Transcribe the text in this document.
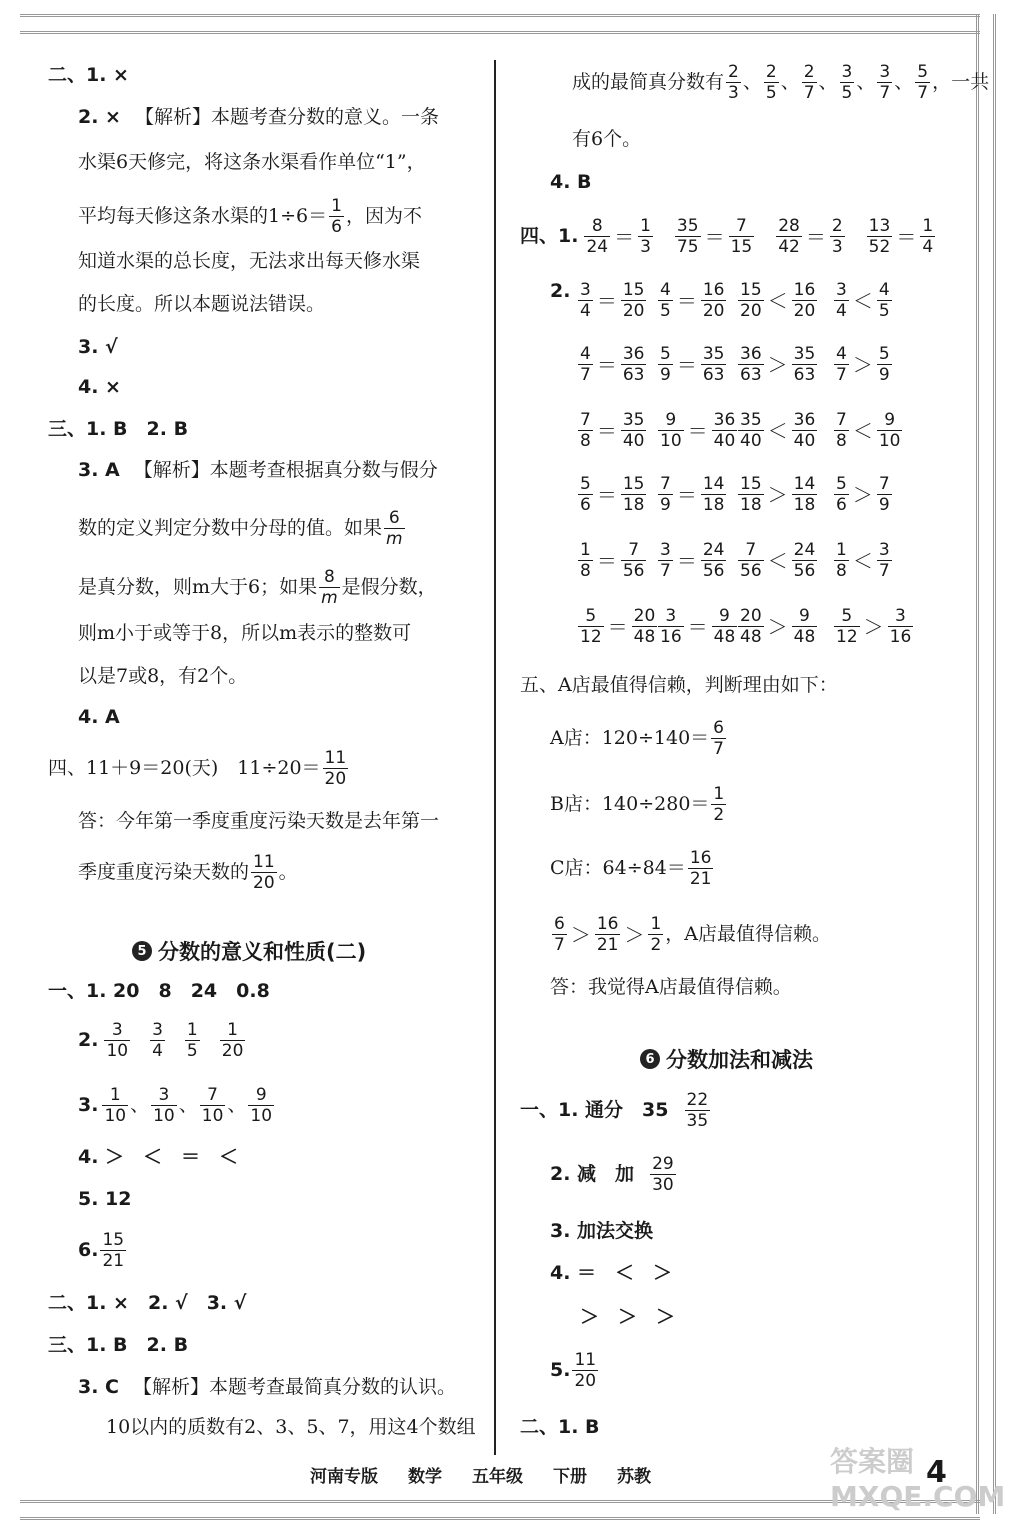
二、1. ×
2. × 【解析】本题考查分数的意义。一条
水渠6天修完，将这条水渠看作单位“1”，
平均每天修这条水渠的$1\div 6= \frac{1}{6}$ ，因为不
知道水渠的总长度，无法求出每天修水渠
的长度。所以本题说法错误。
3. √
4. ×
三、1. B　2. B
3. A 【解析】本题考查根据真分数与假分
数的定义判定分数中分母的值。如果 $\frac{6}{m}$
是真分数，则m大于6；如果 $\frac{8}{m}$ 是假分数，
则m小于或等于8，所以m表示的整数可
以是7或8，有2个。
4. A
四、11＋9＝20(天)　$11\div 20= \frac{11}{20}$
答：今年第一季度重度污染天数是去年第一
季度重度污染天数的 $\frac{11}{20}$ 。
5 分数的意义和性质(二)
一、1. 20　8　24　0.8
2. $\frac{3}{10} \frac{3}{4} \frac{1}{5} \frac{1}{20}$
3. $\frac{1}{10}$ 、 $\frac{3}{10}$ 、 $\frac{7}{10}$ 、 $\frac{9}{10}$
4. ＞　＜　＝　＜
5. 12
6. $\frac{15}{21}$
二、1. ×　2. √　3. √
三、1. B　2. B
3. C 【解析】本题考查最简真分数的认识。
10以内的质数有2、3、5、7，用这4个数组
成的最简真分数有 $\frac{2}{3}$ 、 $\frac{2}{5}$ 、 $\frac{2}{7}$ 、 $\frac{3}{5}$ 、 $\frac{3}{7}$ 、 $\frac{5}{7}$ ，一共
有6个。
4. B
四、1. $\frac{8}{24} = \frac{1}{3} \frac{35}{75} = \frac{7}{15} \frac{28}{42} = \frac{2}{3} \frac{13}{52} = \frac{1}{4}$
2. $\frac{3}{4} = \frac{15}{20} \frac{4}{5} = \frac{16}{20} \frac{15}{20} < \frac{16}{20} \frac{3}{4} < \frac{4}{5}$
$\frac{4}{7} = \frac{36}{63} \frac{5}{9} = \frac{35}{63} \frac{36}{63} > \frac{35}{63} \frac{4}{7} > \frac{5}{9}$
$\frac{7}{8} = \frac{35}{40} \frac{9}{10} = \frac{36}{40} \frac{35}{40} < \frac{36}{40} \frac{7}{8} < \frac{9}{10}$
$\frac{5}{6} = \frac{15}{18} \frac{7}{9} = \frac{14}{18} \frac{15}{18} > \frac{14}{18} \frac{5}{6} > \frac{7}{9}$
$\frac{1}{8} = \frac{7}{56} \frac{3}{7} = \frac{24}{56} \frac{7}{56} < \frac{24}{56} \frac{1}{8} < \frac{3}{7}$
$\frac{5}{12} = \frac{20}{48} \frac{3}{16} = \frac{9}{48} \frac{20}{48} > \frac{9}{48} \frac{5}{12} > \frac{3}{16}$
五、A店最值得信赖，判断理由如下：
A店：$120\div 140= \frac{6}{7}$
B店：$140\div 280= \frac{1}{2}$
C店：$64\div 84= \frac{16}{21}$
$\frac{6}{7} > \frac{16}{21} > \frac{1}{2}$ ，A店最值得信赖。
答：我觉得A店最值得信赖。
6 分数加法和减法
一、1. 通分　$35 \frac{22}{35}$
2. 减　加 $\frac{29}{30}$
3. 加法交换
4. ＝　＜　＞
＞　＞　＞
5. $\frac{11}{20}$
二、1. B
河南专版 数学 五年级 下册 苏教	答案圈 MXQE.COM
4
